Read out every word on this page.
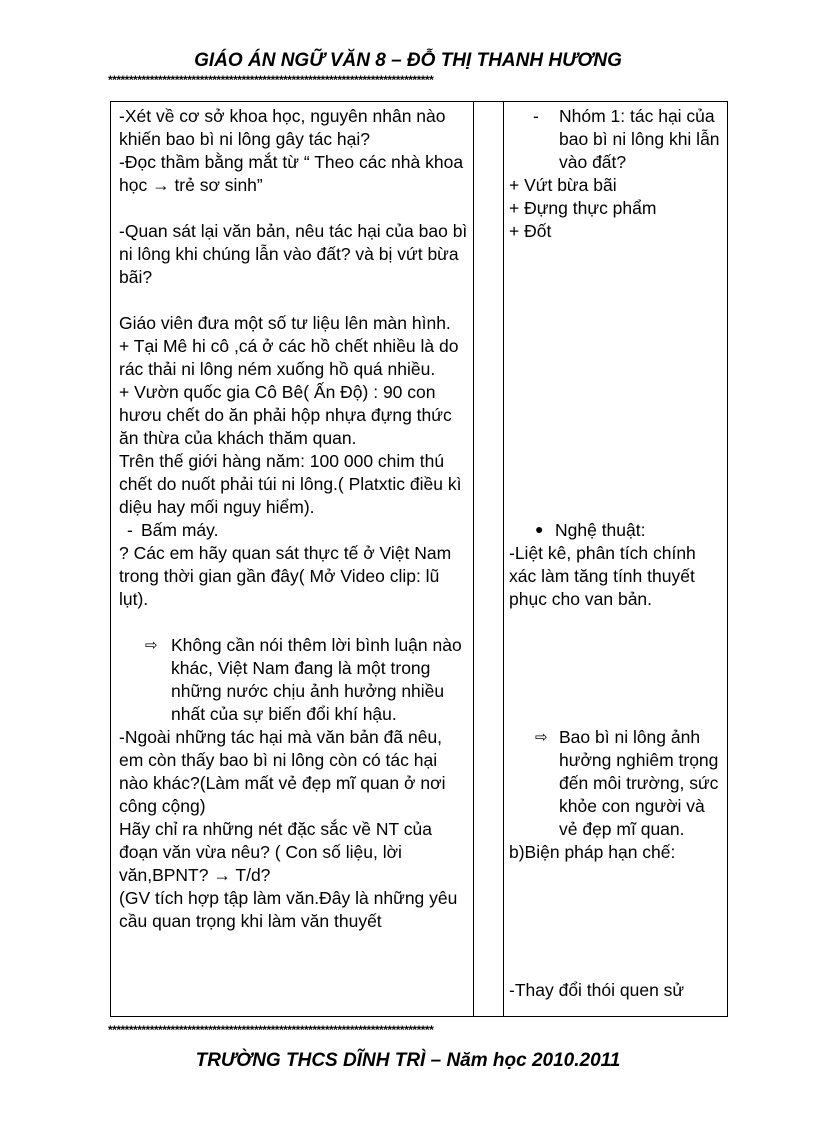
GIÁO ÁN NGỮ VĂN 8 – ĐỖ THỊ THANH HƯƠNG
******************************************************************************

-Xét về cơ sở khoa học, nguyên nhân nào khiến bao bì ni lông gây tác hại?

-Đọc thầm bằng mắt từ “ Theo các nhà khoa học → trẻ sơ sinh”

-Quan sát lại văn bản, nêu tác hại của bao bì ni lông khi chúng lẫn vào đất? và bị vứt bừa bãi?

Giáo viên đưa một số tư liệu lên màn hình.

+ Tại Mê hi cô ,cá ở các hồ chết nhiều là do rác thải ni lông ném xuống hồ quá nhiều.

+ Vườn quốc gia Cô Bê( Ấn Độ) : 90 con hươu chết do ăn phải hộp nhựa đựng thức ăn thừa của khách thăm quan.

Trên thế giới hàng năm: 100 000 chim thú chết do nuốt phải túi ni lông.( Platxtic điều kì diệu hay mối nguy hiểm).

- Bấm máy.

? Các em hãy quan sát thực tế ở Việt Nam trong thời gian gần đây( Mở Video clip: lũ lụt).

⇨ Không cần nói thêm lời bình luận nào khác, Việt Nam đang là một trong những nước chịu ảnh hưởng nhiều nhất của sự biến đổi khí hậu.

-Ngoài những tác hại mà văn bản đã nêu, em còn thấy bao bì ni lông còn có tác hại nào khác?(Làm mất vẻ đẹp mĩ quan ở nơi công cộng)

Hãy chỉ ra những nét đặc sắc về NT của đoạn văn vừa nêu? ( Con số liệu, lời văn,BPNT? → T/d?

(GV tích hợp tập làm văn.Đây là những yêu cầu quan trọng khi làm văn thuyết

- Nhóm 1: tác hại của bao bì ni lông khi lẫn vào đất?

+ Vứt bừa bãi

+ Đựng thực phẩm

+ Đốt

● Nghệ thuật:

-Liệt kê, phân tích chính xác làm tăng tính thuyết phục cho van bản.

⇨ Bao bì ni lông ảnh hưởng nghiêm trọng đến môi trường, sức khỏe con người và vẻ đẹp mĩ quan.

b)Biện pháp hạn chế:

-Thay đổi thói quen sử

******************************************************************************
TRƯỜNG THCS DĨNH TRÌ – Năm học 2010.2011
